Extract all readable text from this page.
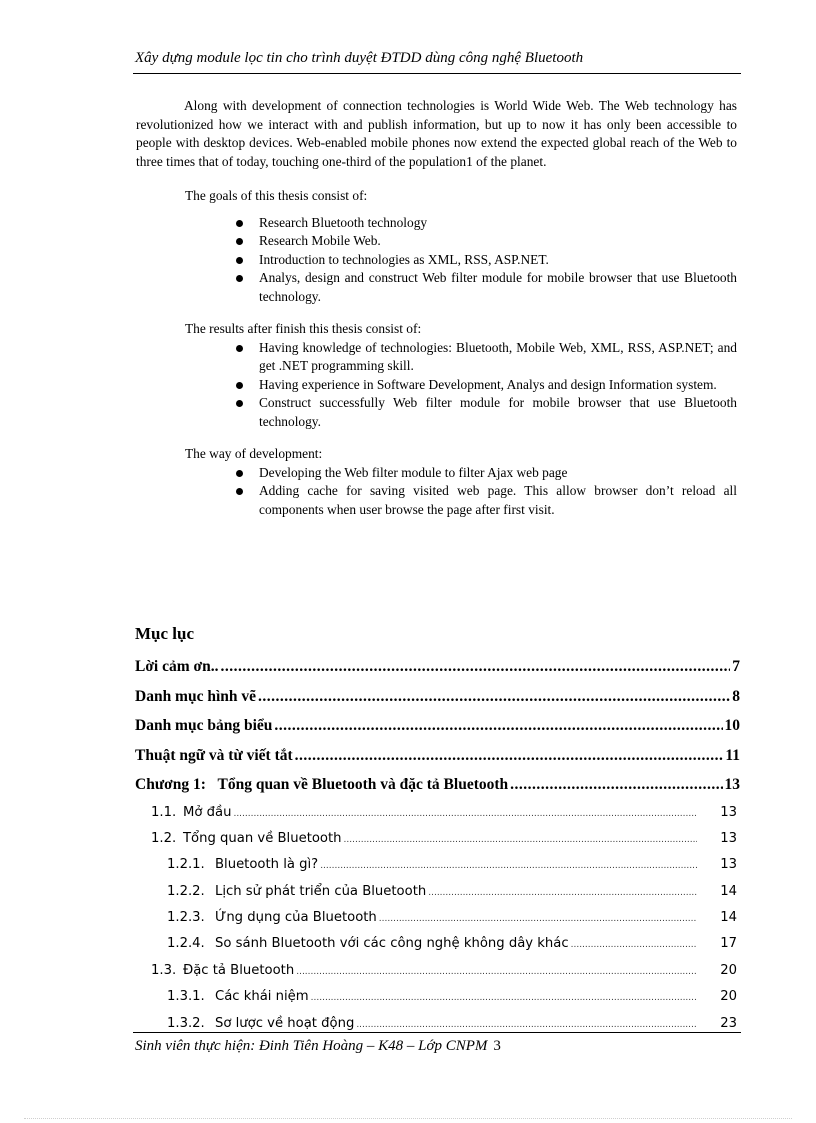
Xây dựng module lọc tin cho trình duyệt ĐTDD dùng công nghệ Bluetooth

Along with development of connection technologies is World Wide Web. The Web technology has revolutionized how we interact with and publish information, but up to now it has only been accessible to people with desktop devices. Web-enabled mobile phones now extend the expected global reach of the Web to three times that of today, touching one-third of the population1 of the planet.

The goals of this thesis consist of:

Research Bluetooth technology
Research Mobile Web.
Introduction to technologies as XML, RSS, ASP.NET.
Analys, design and construct Web filter module for mobile browser that use Bluetooth technology.

The results after finish this thesis consist of:

Having knowledge of technologies: Bluetooth, Mobile Web, XML, RSS, ASP.NET; and get .NET programming skill.
Having experience in Software Development, Analys and design Information system.
Construct successfully Web filter module for mobile browser that use Bluetooth technology.

The way of development:

Developing the Web filter module to filter Ajax web page
Adding cache for saving visited web page. This allow browser don’t reload all components when user browse the page after first visit.
Mục lục
Lời cảm ơn.. .....	7
Danh mục hình vẽ .....	8
Danh mục bảng biểu .....	10
Thuật ngữ và từ viết tắt .....	11
Chương 1: Tổng quan về Bluetooth và đặc tả Bluetooth .....	13
1.1. Mở đầu .....	13
1.2. Tổng quan về Bluetooth .....	13
1.2.1. Bluetooth là gì? .....	13
1.2.2. Lịch sử phát triển của Bluetooth .....	14
1.2.3. Ứng dụng của Bluetooth .....	14
1.2.4. So sánh Bluetooth với các công nghệ không dây khác .....	17
1.3. Đặc tả Bluetooth .....	20
1.3.1. Các khái niệm .....	20
1.3.2. Sơ lược về hoạt động .....	23
Sinh viên thực hiện: Đinh Tiên Hoàng – K48 – Lớp CNPM 3
